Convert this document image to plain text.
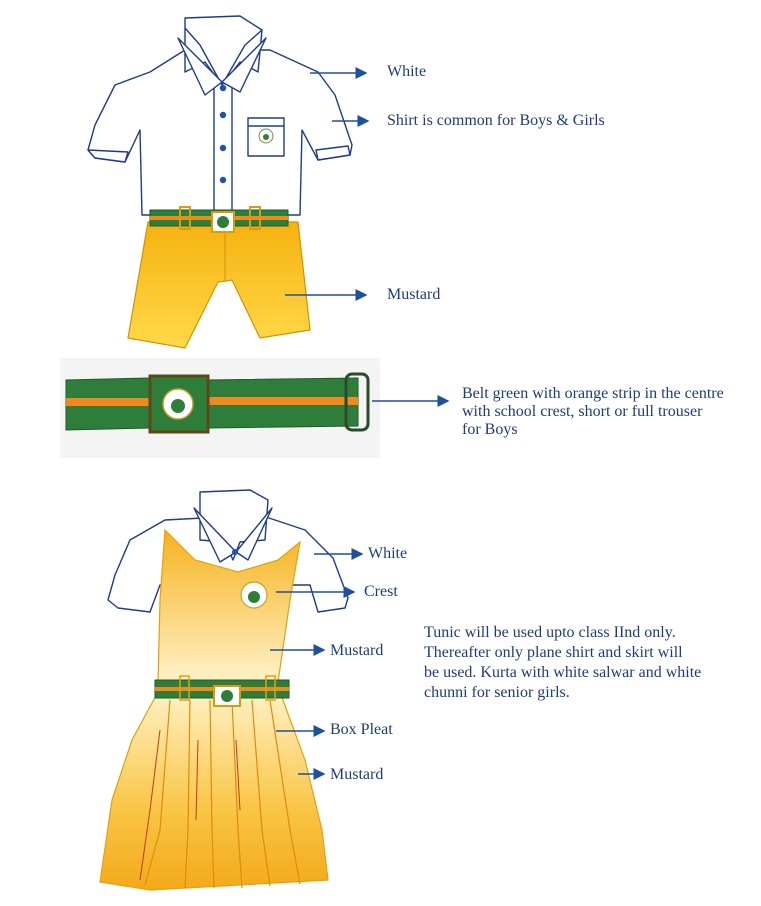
White
Shirt is common for Boys & Girls
Mustard
Belt green with orange strip in the centre
with school crest, short or full trouser
for Boys
White
Crest
Mustard
Box Pleat
Mustard
Tunic will be used upto class IInd only.
Thereafter only plane shirt and skirt will
be used. Kurta with white salwar and white
chunni for senior girls.
